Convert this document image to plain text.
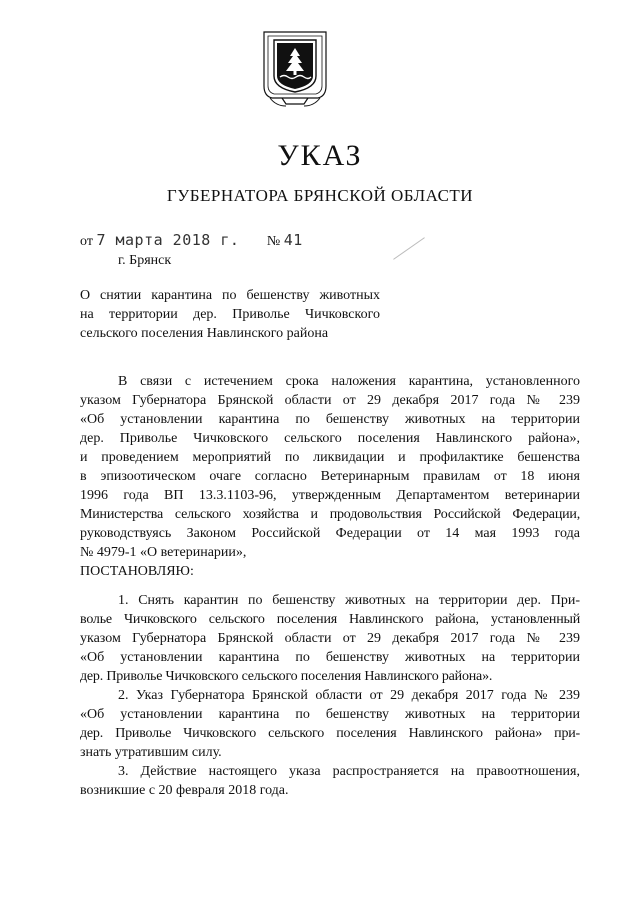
УКАЗ
ГУБЕРНАТОРА БРЯНСКОЙ ОБЛАСТИ
от 7 марта 2018 г. № 41
г. Брянск
О снятии карантина по бешенству животных
на территории дер. Приволье Чичковского
сельского поселения Навлинского района
В связи с истечением срока наложения карантина, установленного
указом Губернатора Брянской области от 29 декабря 2017 года № 239
«Об установлении карантина по бешенству животных на территории
дер. Приволье Чичковского сельского поселения Навлинского района»,
и проведением мероприятий по ликвидации и профилактике бешенства
в эпизоотическом очаге согласно Ветеринарным правилам от 18 июня
1996 года ВП 13.3.1103-96, утвержденным Департаментом ветеринарии
Министерства сельского хозяйства и продовольствия Российской Федерации,
руководствуясь Законом Российской Федерации от 14 мая 1993 года
№ 4979-1 «О ветеринарии»,
ПОСТАНОВЛЯЮ:
1. Снять карантин по бешенству животных на территории дер. При-
волье Чичковского сельского поселения Навлинского района, установленный
указом Губернатора Брянской области от 29 декабря 2017 года № 239
«Об установлении карантина по бешенству животных на территории
дер. Приволье Чичковского сельского поселения Навлинского района».
2. Указ Губернатора Брянской области от 29 декабря 2017 года № 239
«Об установлении карантина по бешенству животных на территории
дер. Приволье Чичковского сельского поселения Навлинского района» при-
знать утратившим силу.
3. Действие настоящего указа распространяется на правоотношения,
возникшие с 20 февраля 2018 года.
